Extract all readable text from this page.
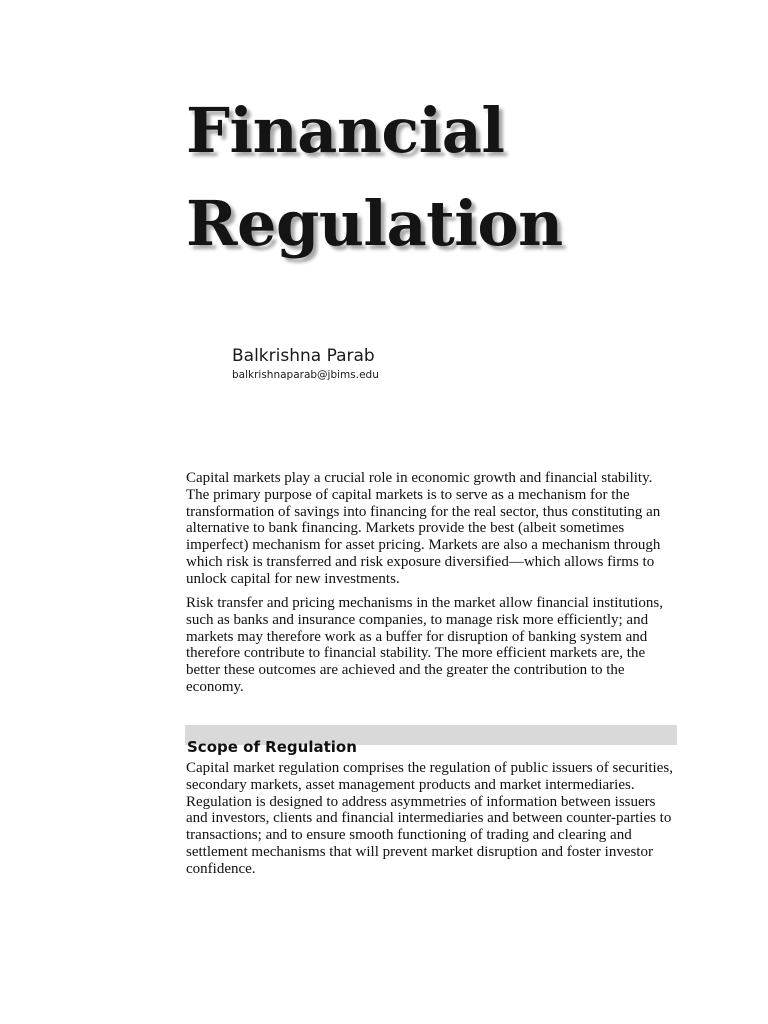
Financial
Regulation
Balkrishna Parab
balkrishnaparab@jbims.edu

Capital markets play a crucial role in economic growth and financial stability. The primary purpose of capital markets is to serve as a mechanism for the transformation of savings into financing for the real sector, thus constituting an alternative to bank financing. Markets provide the best (albeit sometimes imperfect) mechanism for asset pricing. Markets are also a mechanism through which risk is transferred and risk exposure diversified—which allows firms to unlock capital for new investments.

Risk transfer and pricing mechanisms in the market allow financial institutions, such as banks and insurance companies, to manage risk more efficiently; and markets may therefore work as a buffer for disruption of banking system and therefore contribute to financial stability. The more efficient markets are, the better these outcomes are achieved and the greater the contribution to the economy.

Scope of Regulation

Capital market regulation comprises the regulation of public issuers of securities, secondary markets, asset management products and market intermediaries. Regulation is designed to address asymmetries of information between issuers and investors, clients and financial intermediaries and between counter-parties to transactions; and to ensure smooth functioning of trading and clearing and settlement mechanisms that will prevent market disruption and foster investor confidence.
